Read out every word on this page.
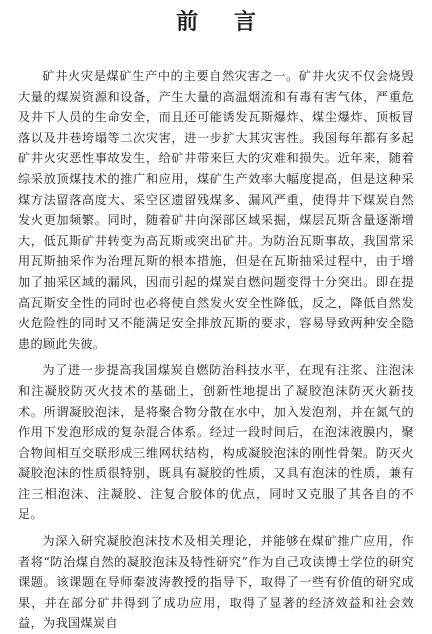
前 言

矿井火灾是煤矿生产中的主要自然灾害之一。矿井火灾不仅会烧毁大量的煤炭资源和设备，产生大量的高温烟流和有毒有害气体，严重危及井下人员的生命安全，而且还可能诱发瓦斯爆炸、煤尘爆炸、顶板冒落以及井巷垮塌等二次灾害，进一步扩大其灾害性。我国每年都有多起矿井火灾恶性事故发生，给矿井带来巨大的灾难和损失。近年来，随着综采放顶煤技术的推广和应用，煤矿生产效率大幅度提高，但是这种采煤方法留落高度大、采空区遗留残煤多、漏风严重，使得井下煤炭自然发火更加频繁。同时，随着矿井向深部区域采掘，煤层瓦斯含量逐渐增大，低瓦斯矿井转变为高瓦斯或突出矿井。为防治瓦斯事故，我国常采用瓦斯抽采作为治理瓦斯的根本措施，但是在瓦斯抽采过程中，由于增加了抽采区域的漏风，因而引起的煤炭自燃问题变得十分突出。即在提高瓦斯安全性的同时也必将使自然发火安全性降低，反之，降低自然发火危险性的同时又不能满足安全排放瓦斯的要求，容易导致两种安全隐患的顾此失彼。

为了进一步提高我国煤炭自燃防治科技水平，在现有注浆、注泡沫和注凝胶防灭火技术的基础上，创新性地提出了凝胶泡沫防灭火新技术。所谓凝胶泡沫，是将聚合物分散在水中，加入发泡剂，并在氮气的作用下发泡形成的复杂混合体系。经过一段时间后，在泡沫液膜内，聚合物间相互交联形成三维网状结构，构成凝胶泡沫的刚性骨架。防灭火凝胶泡沫的性质很特别，既具有凝胶的性质，又具有泡沫的性质，兼有注三相泡沫、注凝胶、注复合胶体的优点，同时又克服了其各自的不足。

为深入研究凝胶泡沫技术及相关理论，并能够在煤矿推广应用，作者将“防治煤自然的凝胶泡沫及特性研究”作为自己攻读博士学位的研究课题。该课题在导师秦波涛教授的指导下，取得了一些有价值的研究成果，并在部分矿井得到了成功应用，取得了显著的经济效益和社会效益，为我国煤炭自
